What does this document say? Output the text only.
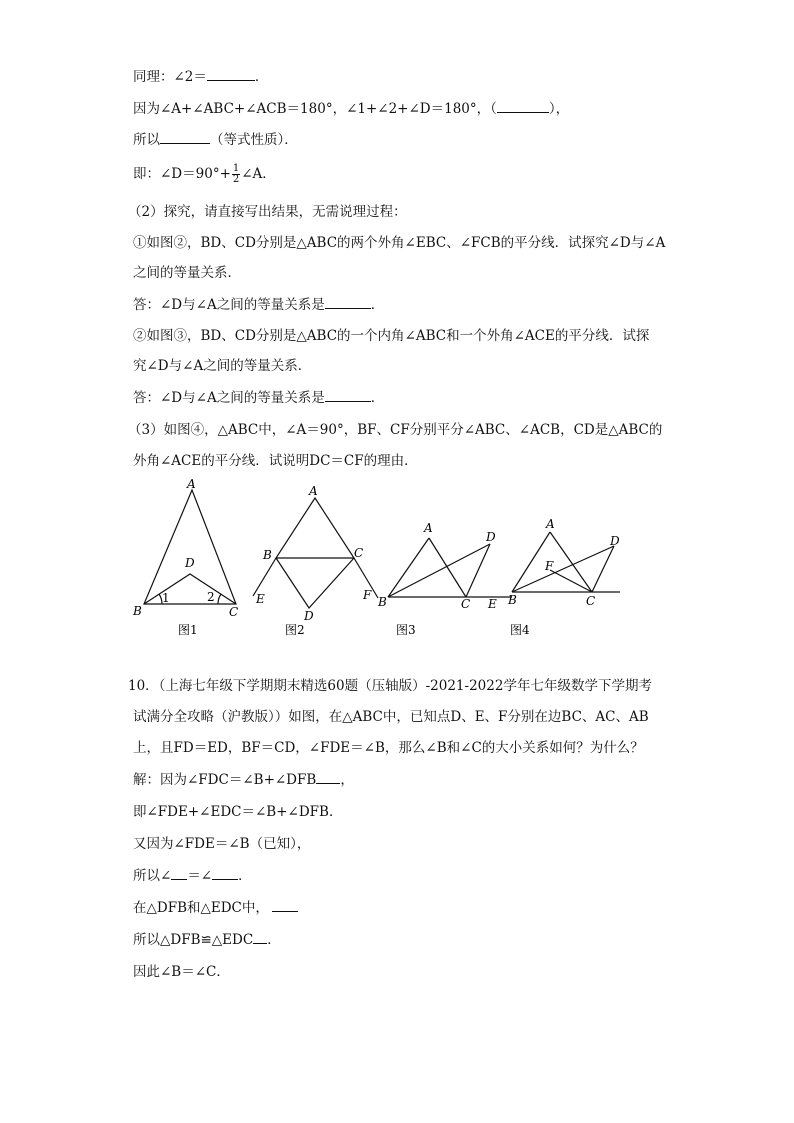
同理：∠2＝	．
因为∠A+∠ABC+∠ACB＝180°，∠1+∠2+∠D＝180°，（	），
所以	（等式性质）．
即：∠D＝90°+ $\frac{1}{2}$ ∠A．
（2）探究，请直接写出结果，无需说理过程：
①如图②，BD、CD分别是△ABC的两个外角∠EBC、∠FCB的平分线．试探究∠D与∠A
之间的等量关系．
答：∠D与∠A之间的等量关系是	．
②如图③，BD、CD分别是△ABC的一个内角∠ABC和一个外角∠ACE的平分线．试探
究∠D与∠A之间的等量关系．
答：∠D与∠A之间的等量关系是	．
（3）如图④，△ABC中，∠A＝90°，BF、CF分别平分∠ABC、∠ACB，CD是△ABC的
外角∠ACE的平分线．试说明DC＝CF的理由．
A
B	C
D
1	2
图1
A
B	C
D
E	F
图2
A
B	C
D
E
图3
A
B	C
D
F
图4
10．（上海七年级下学期期末精选60题（压轴版）-2021-2022学年七年级数学下学期考
试满分全攻略（沪教版））如图，在△ABC中，已知点D、E、F分别在边BC、AC、AB
上，且FD＝ED，BF＝CD，∠FDE＝∠B，那么∠B和∠C的大小关系如何？为什么？
解：因为∠FDC＝∠B+∠DFB ，
即∠FDE+∠EDC＝∠B+∠DFB．
又因为∠FDE＝∠B（已知），
所以∠ ＝∠ ．
在△DFB和△EDC中，
所以△DFB≌△EDC ．
因此∠B＝∠C．
